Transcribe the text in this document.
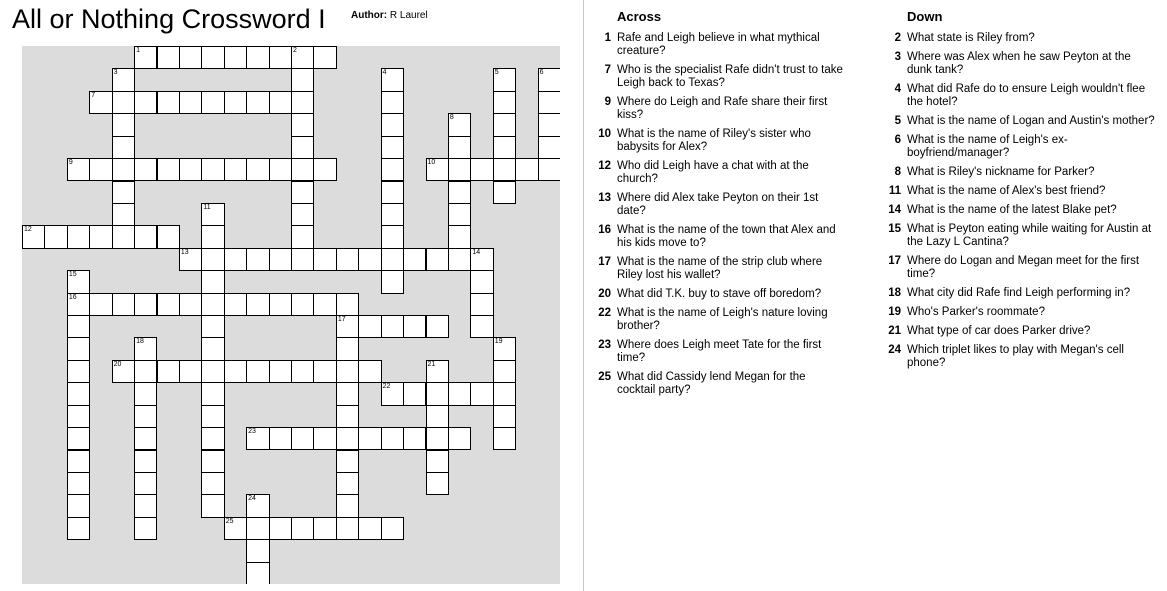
All or Nothing Crossword I	Author: R Laurel
1	2
3	4	5	6
7
8
9	10
11
12
13	14
15
16
17
18	19
20	21
22
23
24
25
Across	Down
1 Rafe and Leigh believe in what mythical creature?
7 Who is the specialist Rafe didn't trust to take Leigh back to Texas?
9 Where do Leigh and Rafe share their first kiss?
10 What is the name of Riley's sister who babysits for Alex?
12 Who did Leigh have a chat with at the church?
13 Where did Alex take Peyton on their 1st date?
16 What is the name of the town that Alex and his kids move to?
17 What is the name of the strip club where Riley lost his wallet?
20 What did T.K. buy to stave off boredom?
22 What is the name of Leigh's nature loving brother?
23 Where does Leigh meet Tate for the first time?
25 What did Cassidy lend Megan for the cocktail party?
2 What state is Riley from?
3 Where was Alex when he saw Peyton at the dunk tank?
4 What did Rafe do to ensure Leigh wouldn't flee the hotel?
5 What is the name of Logan and Austin's mother?
6 What is the name of Leigh's ex-boyfriend/manager?
8 What is Riley's nickname for Parker?
11 What is the name of Alex's best friend?
14 What is the name of the latest Blake pet?
15 What is Peyton eating while waiting for Austin at the Lazy L Cantina?
17 Where do Logan and Megan meet for the first time?
18 What city did Rafe find Leigh performing in?
19 Who's Parker's roommate?
21 What type of car does Parker drive?
24 Which triplet likes to play with Megan's cell phone?
